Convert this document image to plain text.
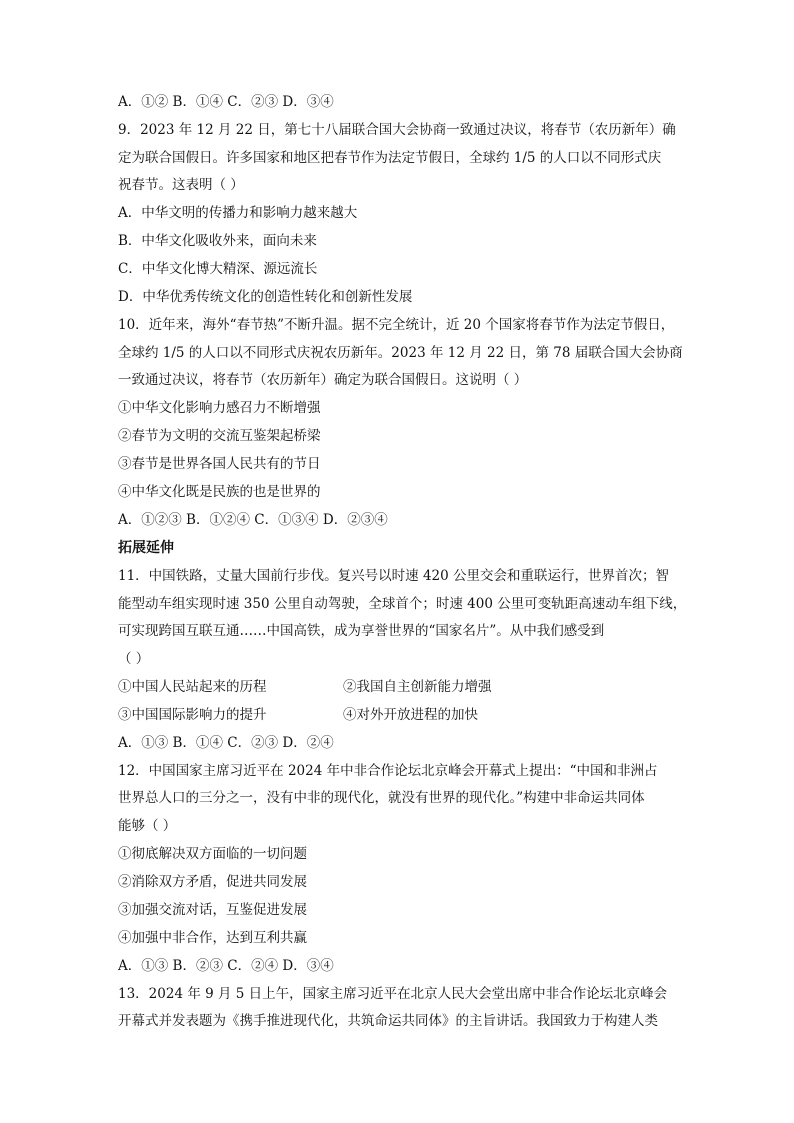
A．①② B．①④ C．②③ D．③④

9．2023 年 12 月 22 日，第七十八届联合国大会协商一致通过决议，将春节（农历新年）确

定为联合国假日。许多国家和地区把春节作为法定节假日，全球约 1/5 的人口以不同形式庆

祝春节。这表明（ ）

A．中华文明的传播力和影响力越来越大

B．中华文化吸收外来，面向未来

C．中华文化博大精深、源远流长

D．中华优秀传统文化的创造性转化和创新性发展

10．近年来，海外“春节热”不断升温。据不完全统计，近 20 个国家将春节作为法定节假日，

全球约 1/5 的人口以不同形式庆祝农历新年。2023 年 12 月 22 日，第 78 届联合国大会协商

一致通过决议，将春节（农历新年）确定为联合国假日。这说明（ ）

①中华文化影响力感召力不断增强

②春节为文明的交流互鉴架起桥梁

③春节是世界各国人民共有的节日

④中华文化既是民族的也是世界的

A．①②③ B．①②④ C．①③④ D．②③④

拓展延伸

11．中国铁路，丈量大国前行步伐。复兴号以时速 420 公里交会和重联运行，世界首次；智

能型动车组实现时速 350 公里自动驾驶，全球首个；时速 400 公里可变轨距高速动车组下线，

可实现跨国互联互通……中国高铁，成为享誉世界的“国家名片”。从中我们感受到

（ ）

①中国人民站起来的历程	②我国自主创新能力增强

③中国国际影响力的提升	④对外开放进程的加快

A．①③ B．①④ C．②③ D．②④

12．中国国家主席习近平在 2024 年中非合作论坛北京峰会开幕式上提出：“中国和非洲占

世界总人口的三分之一，没有中非的现代化，就没有世界的现代化。”构建中非命运共同体

能够（ ）

①彻底解决双方面临的一切问题

②消除双方矛盾，促进共同发展

③加强交流对话，互鉴促进发展

④加强中非合作，达到互利共赢

A．①③ B．②③ C．②④ D．③④

13．2024 年 9 月 5 日上午，国家主席习近平在北京人民大会堂出席中非合作论坛北京峰会

开幕式并发表题为《携手推进现代化，共筑命运共同体》的主旨讲话。我国致力于构建人类
